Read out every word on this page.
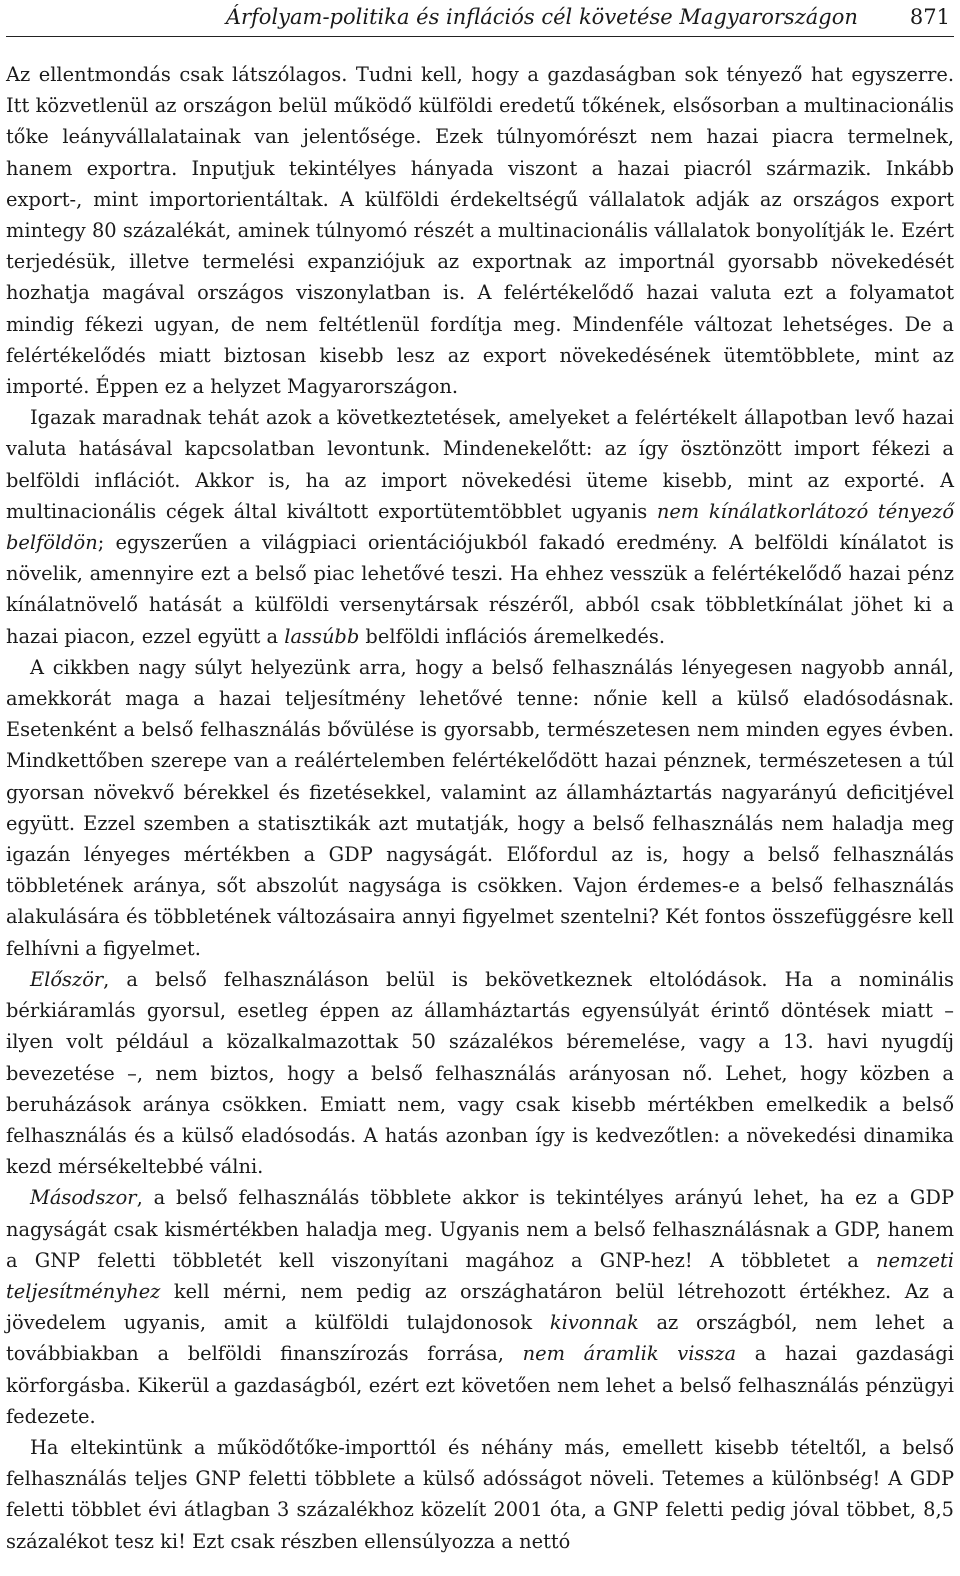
Árfolyam-politika és inflációs cél követése Magyarországon 871

Az ellentmondás csak látszólagos. Tudni kell, hogy a gazdaságban sok tényező hat egyszerre. Itt közvetlenül az országon belül működő külföldi eredetű tőkének, elsősorban a multinacionális tőke leányvállalatainak van jelentősége. Ezek túlnyomórészt nem hazai piacra termelnek, hanem exportra. Inputjuk tekintélyes hányada viszont a hazai piacról származik. Inkább export-, mint importorientáltak. A külföldi érdekeltségű vállalatok adják az országos export mintegy 80 százalékát, aminek túlnyomó részét a multinacionális vállalatok bonyolítják le. Ezért terjedésük, illetve termelési expanziójuk az exportnak az importnál gyorsabb növekedését hozhatja magával országos viszonylatban is. A felértékelődő hazai valuta ezt a folyamatot mindig fékezi ugyan, de nem feltétlenül fordítja meg. Mindenféle változat lehetséges. De a felértékelődés miatt biztosan kisebb lesz az export növekedésének ütemtöbblete, mint az importé. Éppen ez a helyzet Magyarországon.

Igazak maradnak tehát azok a következtetések, amelyeket a felértékelt állapotban levő hazai valuta hatásával kapcsolatban levontunk. Mindenekelőtt: az így ösztönzött import fékezi a belföldi inflációt. Akkor is, ha az import növekedési üteme kisebb, mint az exporté. A multinacionális cégek által kiváltott exportütemtöbblet ugyanis nem kínálatkorlátozó tényező belföldön; egyszerűen a világpiaci orientációjukból fakadó eredmény. A belföldi kínálatot is növelik, amennyire ezt a belső piac lehetővé teszi. Ha ehhez vesszük a felértékelődő hazai pénz kínálatnövelő hatását a külföldi versenytársak részéről, abból csak többletkínálat jöhet ki a hazai piacon, ezzel együtt a lassúbb belföldi inflációs áremelkedés.

A cikkben nagy súlyt helyezünk arra, hogy a belső felhasználás lényegesen nagyobb annál, amekkorát maga a hazai teljesítmény lehetővé tenne: nőnie kell a külső eladósodásnak. Esetenként a belső felhasználás bővülése is gyorsabb, természetesen nem minden egyes évben. Mindkettőben szerepe van a reálértelemben felértékelődött hazai pénznek, természetesen a túl gyorsan növekvő bérekkel és fizetésekkel, valamint az államháztartás nagyarányú deficitjével együtt. Ezzel szemben a statisztikák azt mutatják, hogy a belső felhasználás nem haladja meg igazán lényeges mértékben a GDP nagyságát. Előfordul az is, hogy a belső felhasználás többletének aránya, sőt abszolút nagysága is csökken. Vajon érdemes-e a belső felhasználás alakulására és többletének változásaira annyi figyelmet szentelni? Két fontos összefüggésre kell felhívni a figyelmet.

Először, a belső felhasználáson belül is bekövetkeznek eltolódások. Ha a nominális bérkiáramlás gyorsul, esetleg éppen az államháztartás egyensúlyát érintő döntések miatt – ilyen volt például a közalkalmazottak 50 százalékos béremelése, vagy a 13. havi nyugdíj bevezetése –, nem biztos, hogy a belső felhasználás arányosan nő. Lehet, hogy közben a beruházások aránya csökken. Emiatt nem, vagy csak kisebb mértékben emelkedik a belső felhasználás és a külső eladósodás. A hatás azonban így is kedvezőtlen: a növekedési dinamika kezd mérsékeltebbé válni.

Másodszor, a belső felhasználás többlete akkor is tekintélyes arányú lehet, ha ez a GDP nagyságát csak kismértékben haladja meg. Ugyanis nem a belső felhasználásnak a GDP, hanem a GNP feletti többletét kell viszonyítani magához a GNP-hez! A többletet a nemzeti teljesítményhez kell mérni, nem pedig az országhatáron belül létrehozott értékhez. Az a jövedelem ugyanis, amit a külföldi tulajdonosok kivonnak az országból, nem lehet a továbbiakban a belföldi finanszírozás forrása, nem áramlik vissza a hazai gazdasági körforgásba. Kikerül a gazdaságból, ezért ezt követően nem lehet a belső felhasználás pénzügyi fedezete.

Ha eltekintünk a működőtőke-importtól és néhány más, emellett kisebb tételtől, a belső felhasználás teljes GNP feletti többlete a külső adósságot növeli. Tetemes a különbség! A GDP feletti többlet évi átlagban 3 százalékhoz közelít 2001 óta, a GNP feletti pedig jóval többet, 8,5 százalékot tesz ki! Ezt csak részben ellensúlyozza a nettó
